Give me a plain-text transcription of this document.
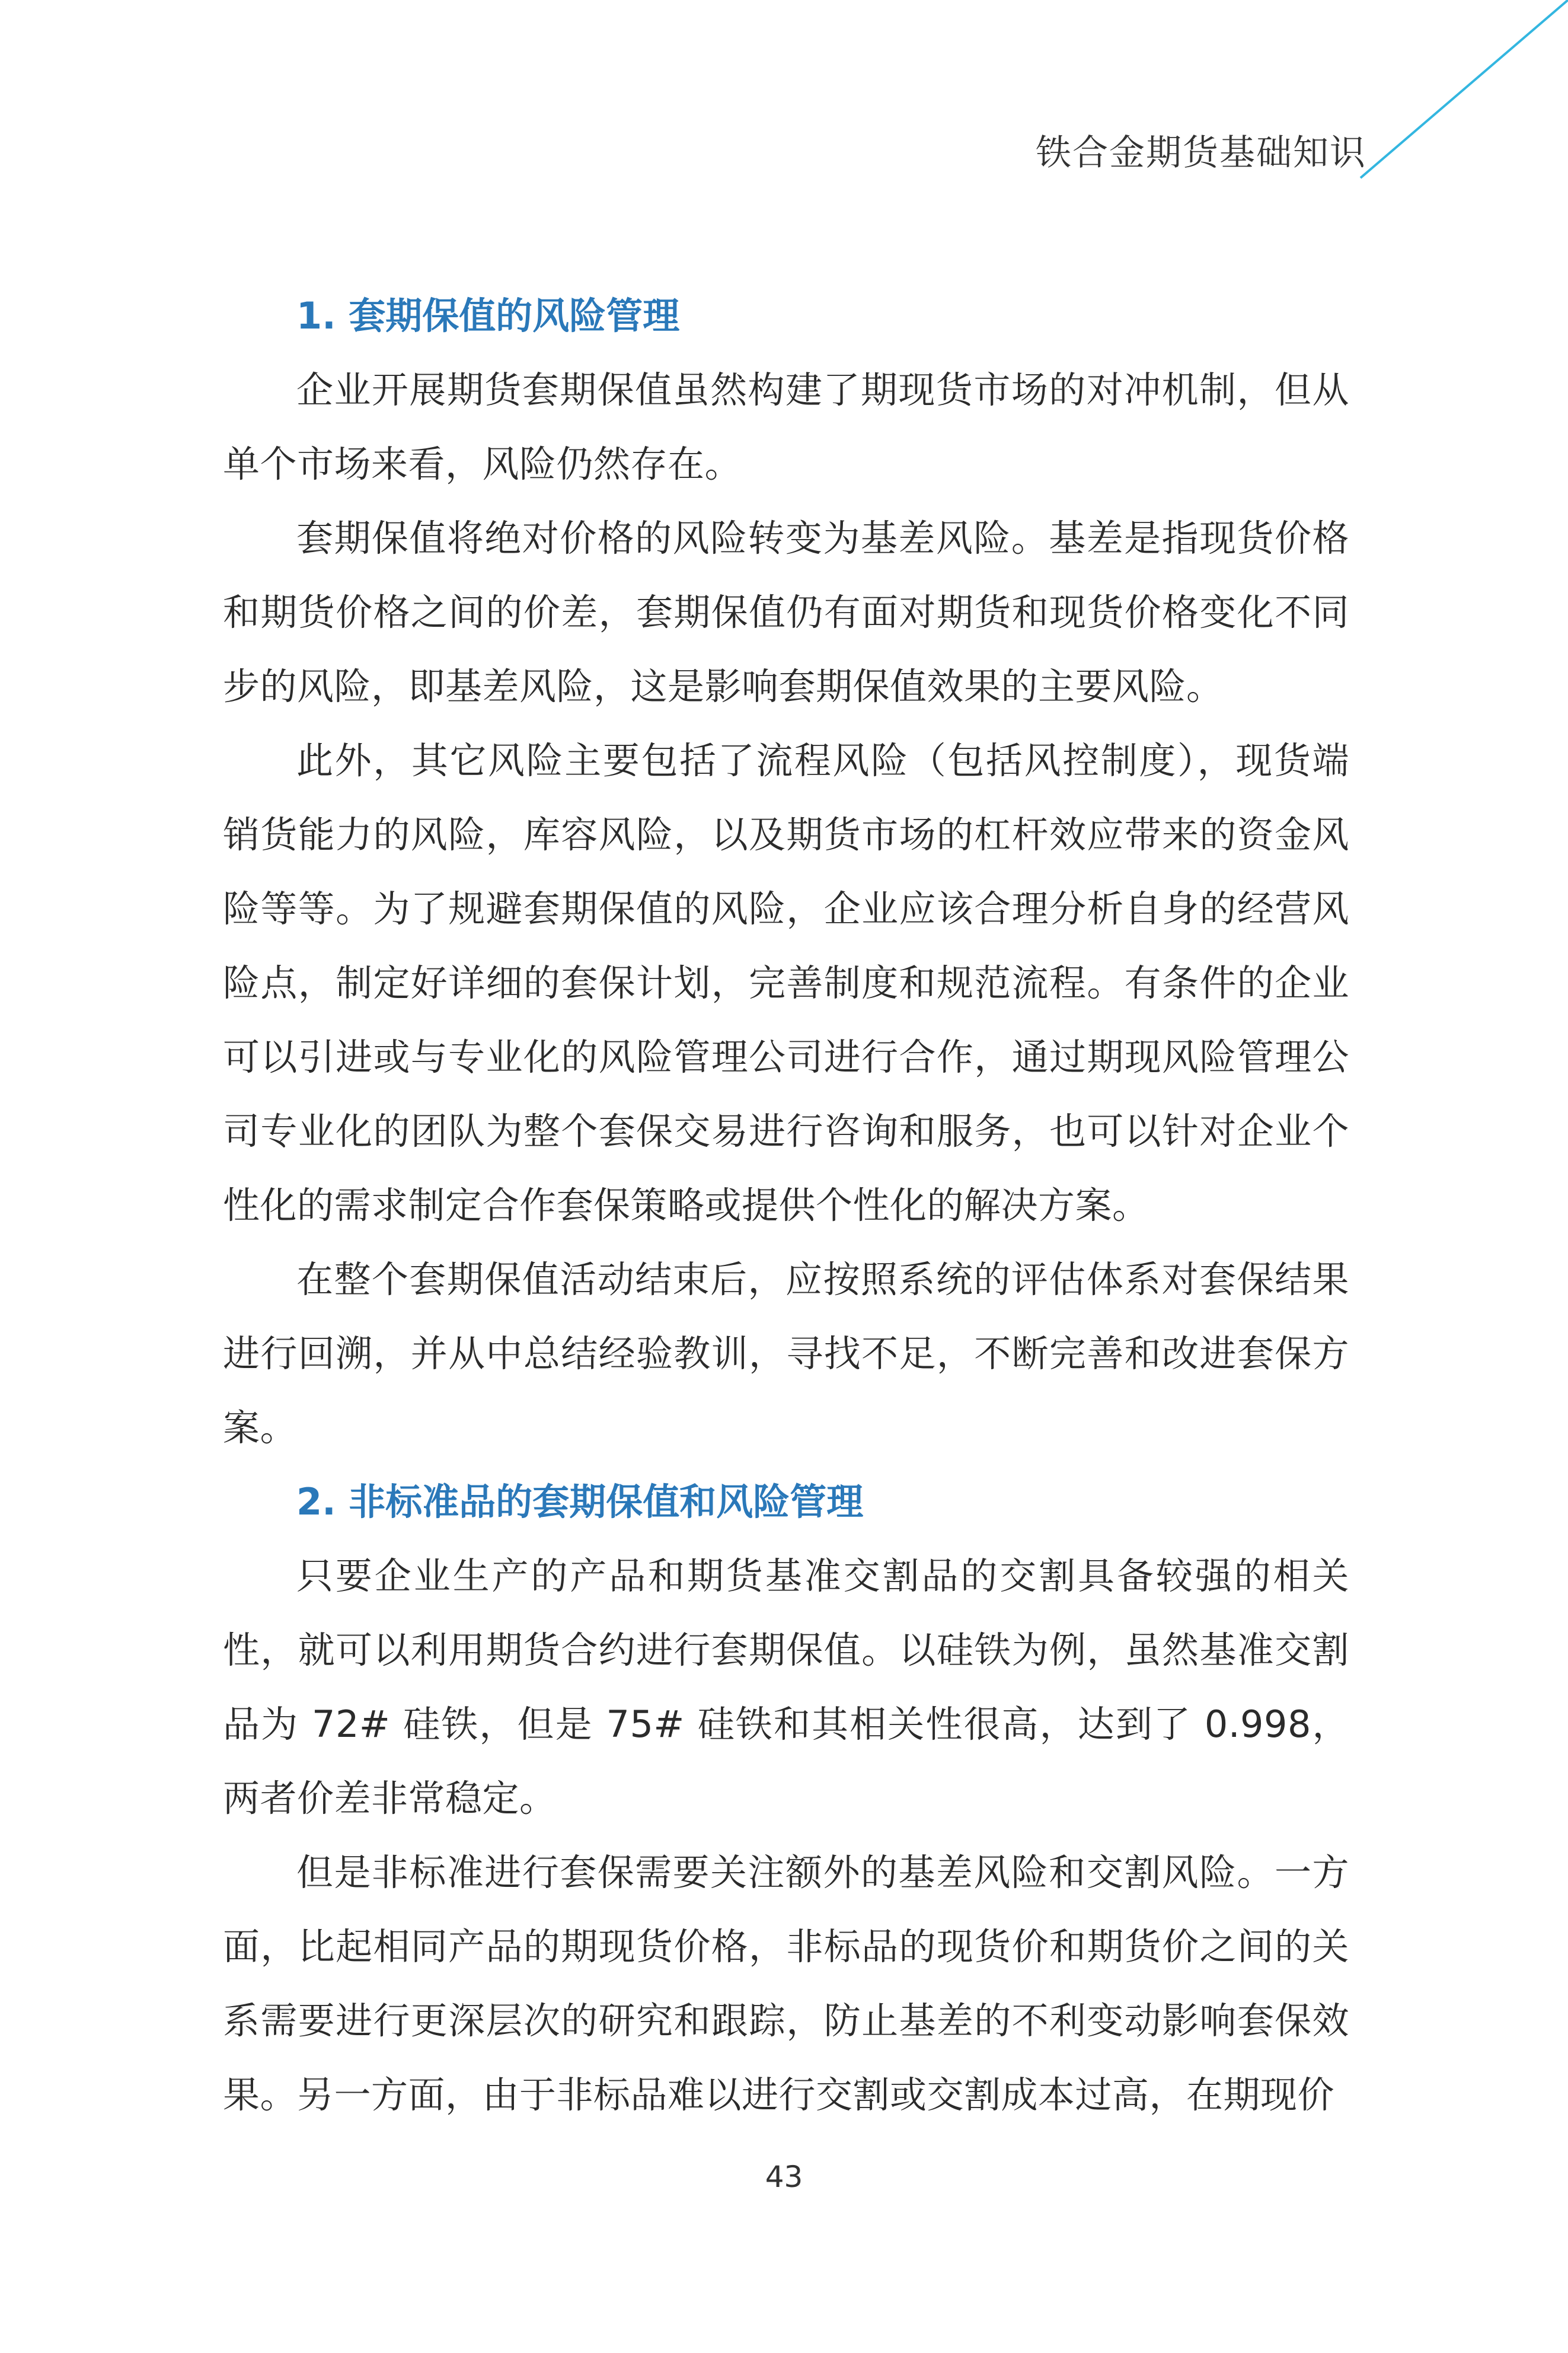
铁合金期货基础知识
1. 套期保值的风险管理

企业开展期货套期保值虽然构建了期现货市场的对冲机制，但从单个市场来看，风险仍然存在。

套期保值将绝对价格的风险转变为基差风险。基差是指现货价格和期货价格之间的价差，套期保值仍有面对期货和现货价格变化不同步的风险，即基差风险，这是影响套期保值效果的主要风险。

此外，其它风险主要包括了流程风险（包括风控制度），现货端销货能力的风险，库容风险，以及期货市场的杠杆效应带来的资金风险等等。为了规避套期保值的风险，企业应该合理分析自身的经营风险点，制定好详细的套保计划，完善制度和规范流程。有条件的企业可以引进或与专业化的风险管理公司进行合作，通过期现风险管理公司专业化的团队为整个套保交易进行咨询和服务，也可以针对企业个性化的需求制定合作套保策略或提供个性化的解决方案。

在整个套期保值活动结束后，应按照系统的评估体系对套保结果进行回溯，并从中总结经验教训，寻找不足，不断完善和改进套保方案。

2. 非标准品的套期保值和风险管理

只要企业生产的产品和期货基准交割品的交割具备较强的相关性，就可以利用期货合约进行套期保值。以硅铁为例，虽然基准交割品为 72# 硅铁，但是 75# 硅铁和其相关性很高，达到了 0.998，两者价差非常稳定。

但是非标准进行套保需要关注额外的基差风险和交割风险。一方面，比起相同产品的期现货价格，非标品的现货价和期货价之间的关系需要进行更深层次的研究和跟踪，防止基差的不利变动影响套保效果。另一方面，由于非标品难以进行交割或交割成本过高，在期现价

43
